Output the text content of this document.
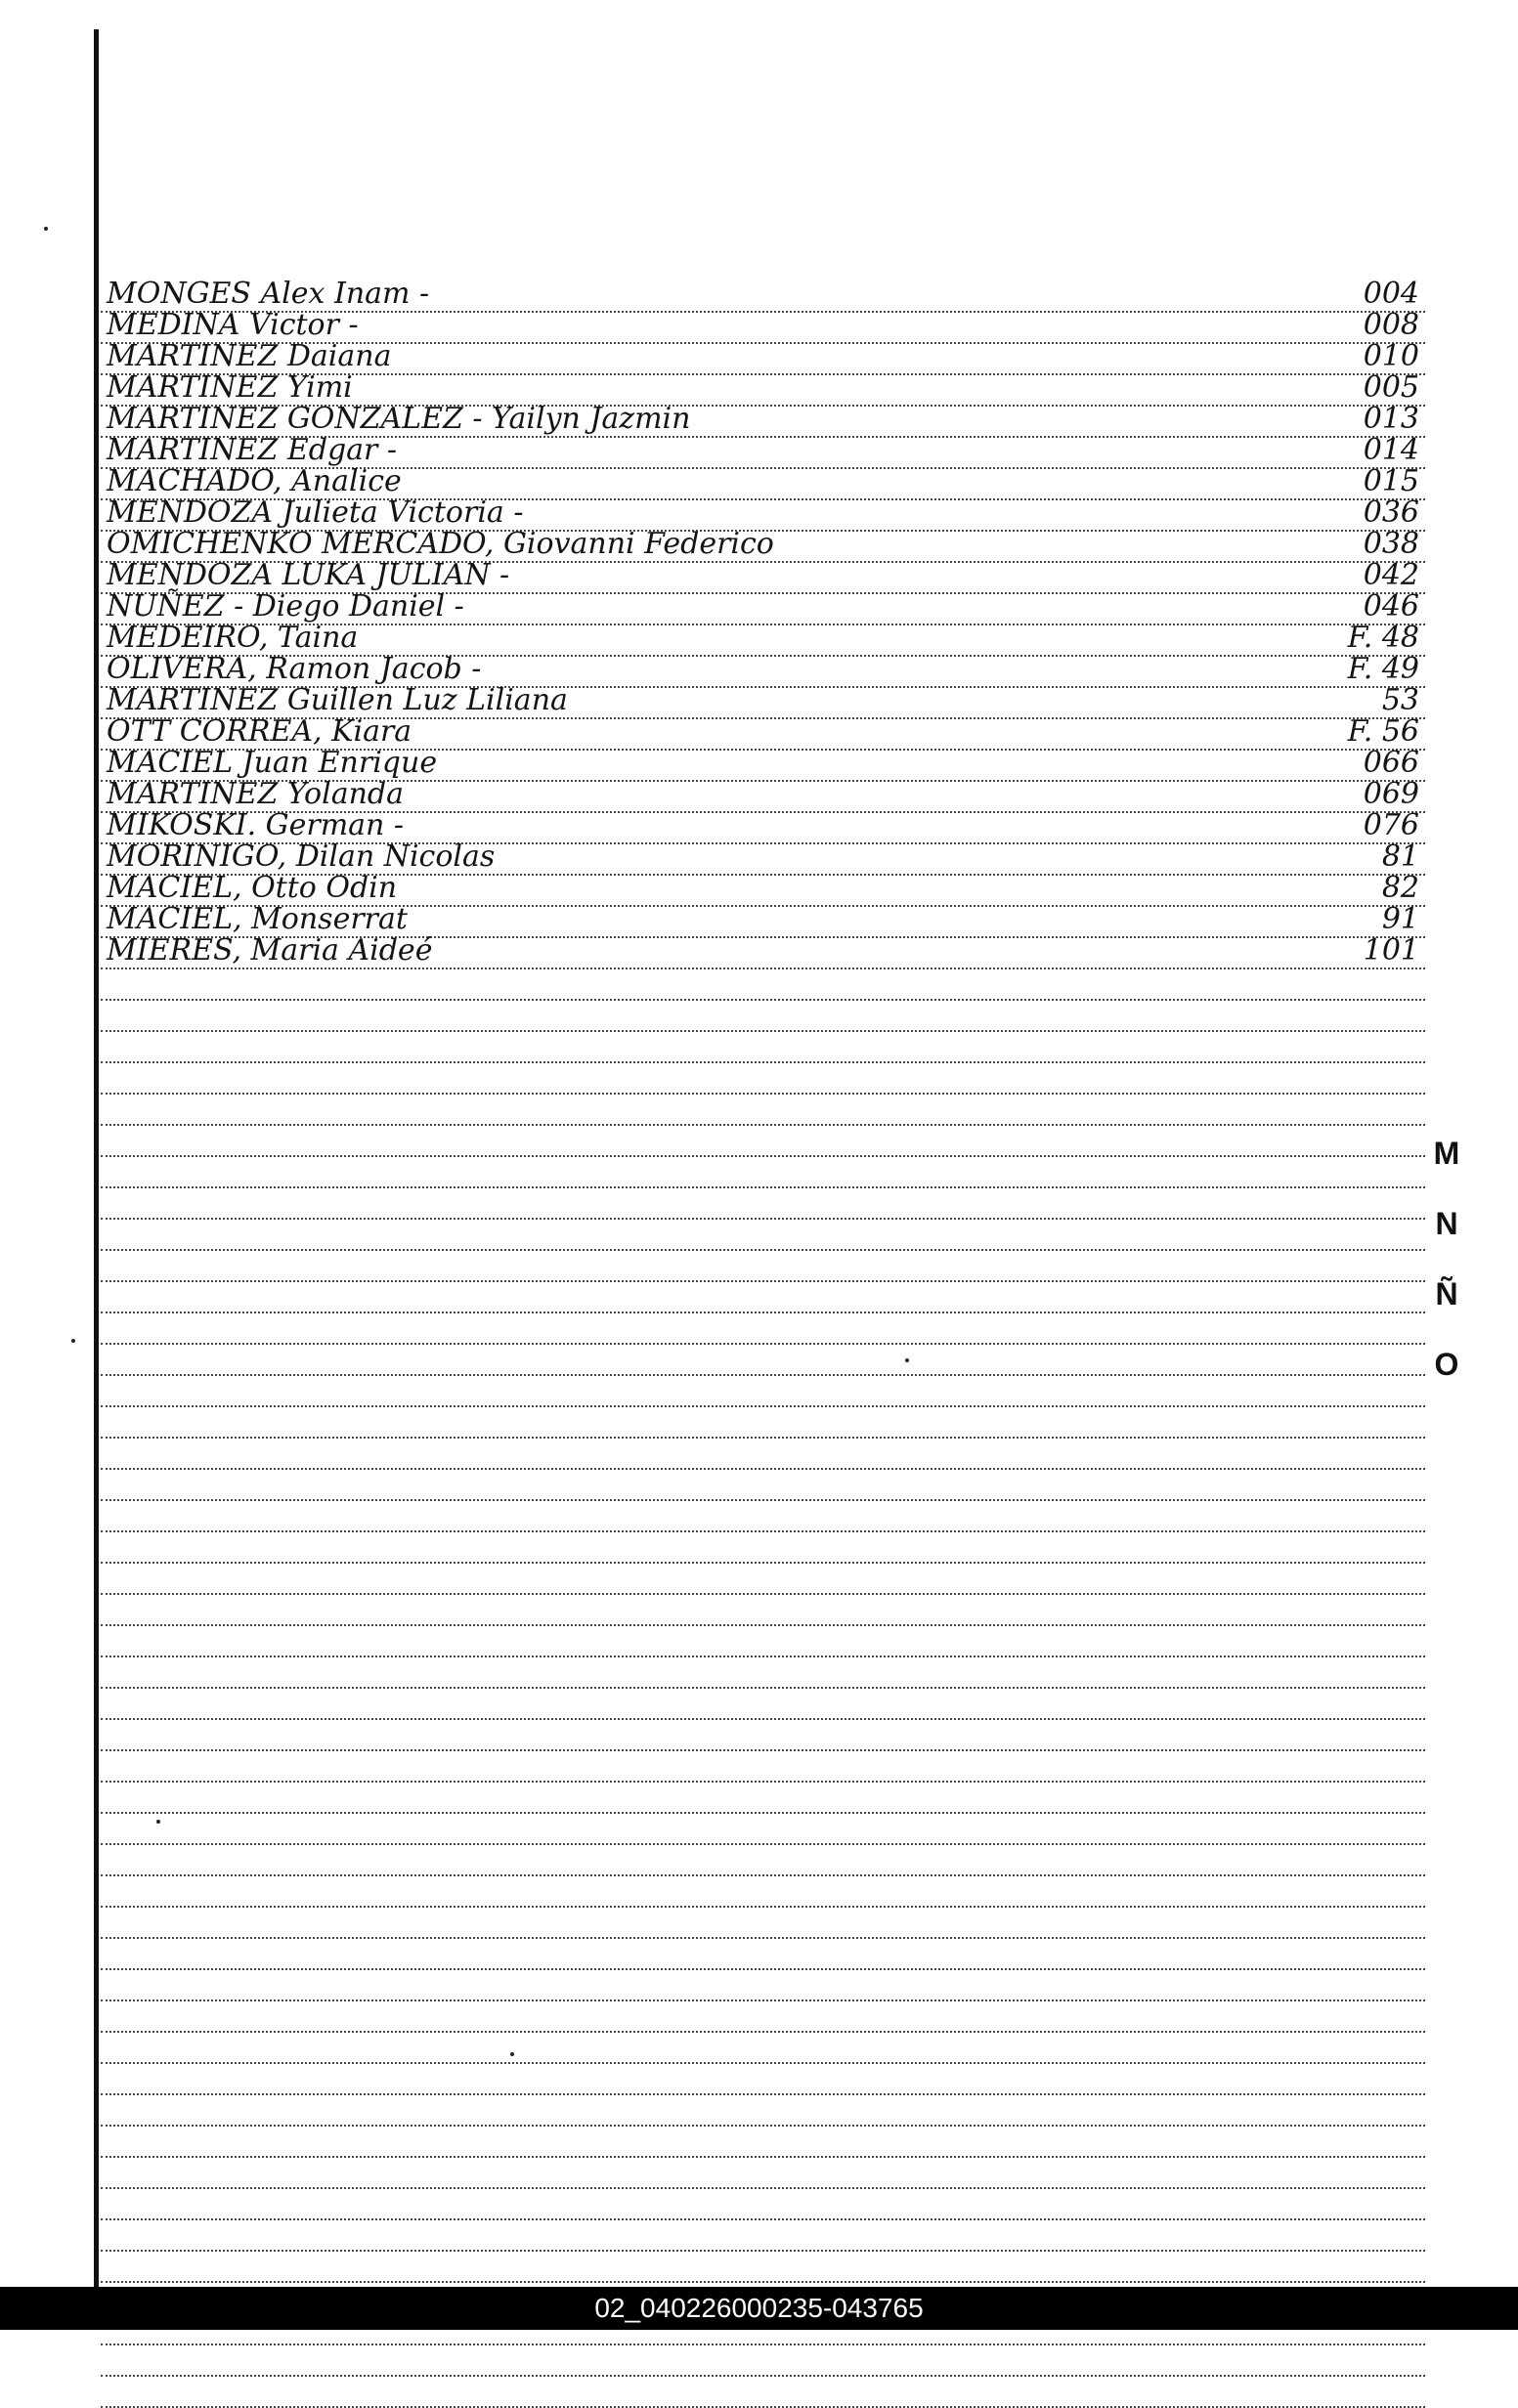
MONGES Alex Inam -	004
MEDINA Victor -	008
MARTINEZ Daiana	010
MARTINEZ Yimi	005
MARTINEZ GONZALEZ - Yailyn Jazmin	013
MARTINEZ Edgar -	014
MACHADO, Analice	015
MENDOZA Julieta Victoria -	036
OMICHENKO MERCADO, Giovanni Federico	038
MENDOZA LUKA JULIAN -	042
NUÑEZ - Diego Daniel -	046
MEDEIRO, Taina	F. 48
OLIVERA, Ramon Jacob -	F. 49
MARTINEZ Guillen Luz Liliana	53
OTT CORREA, Kiara	F. 56
MACIEL Juan Enrique	066
MARTINEZ Yolanda	069
MIKOSKI. German -	076
MORINIGO, Dilan Nicolas	81
MACIEL, Otto Odin	82
MACIEL, Monserrat	91
MIERES, Maria Aideé	101
M
N
Ñ
O
02_040226000235-043765
